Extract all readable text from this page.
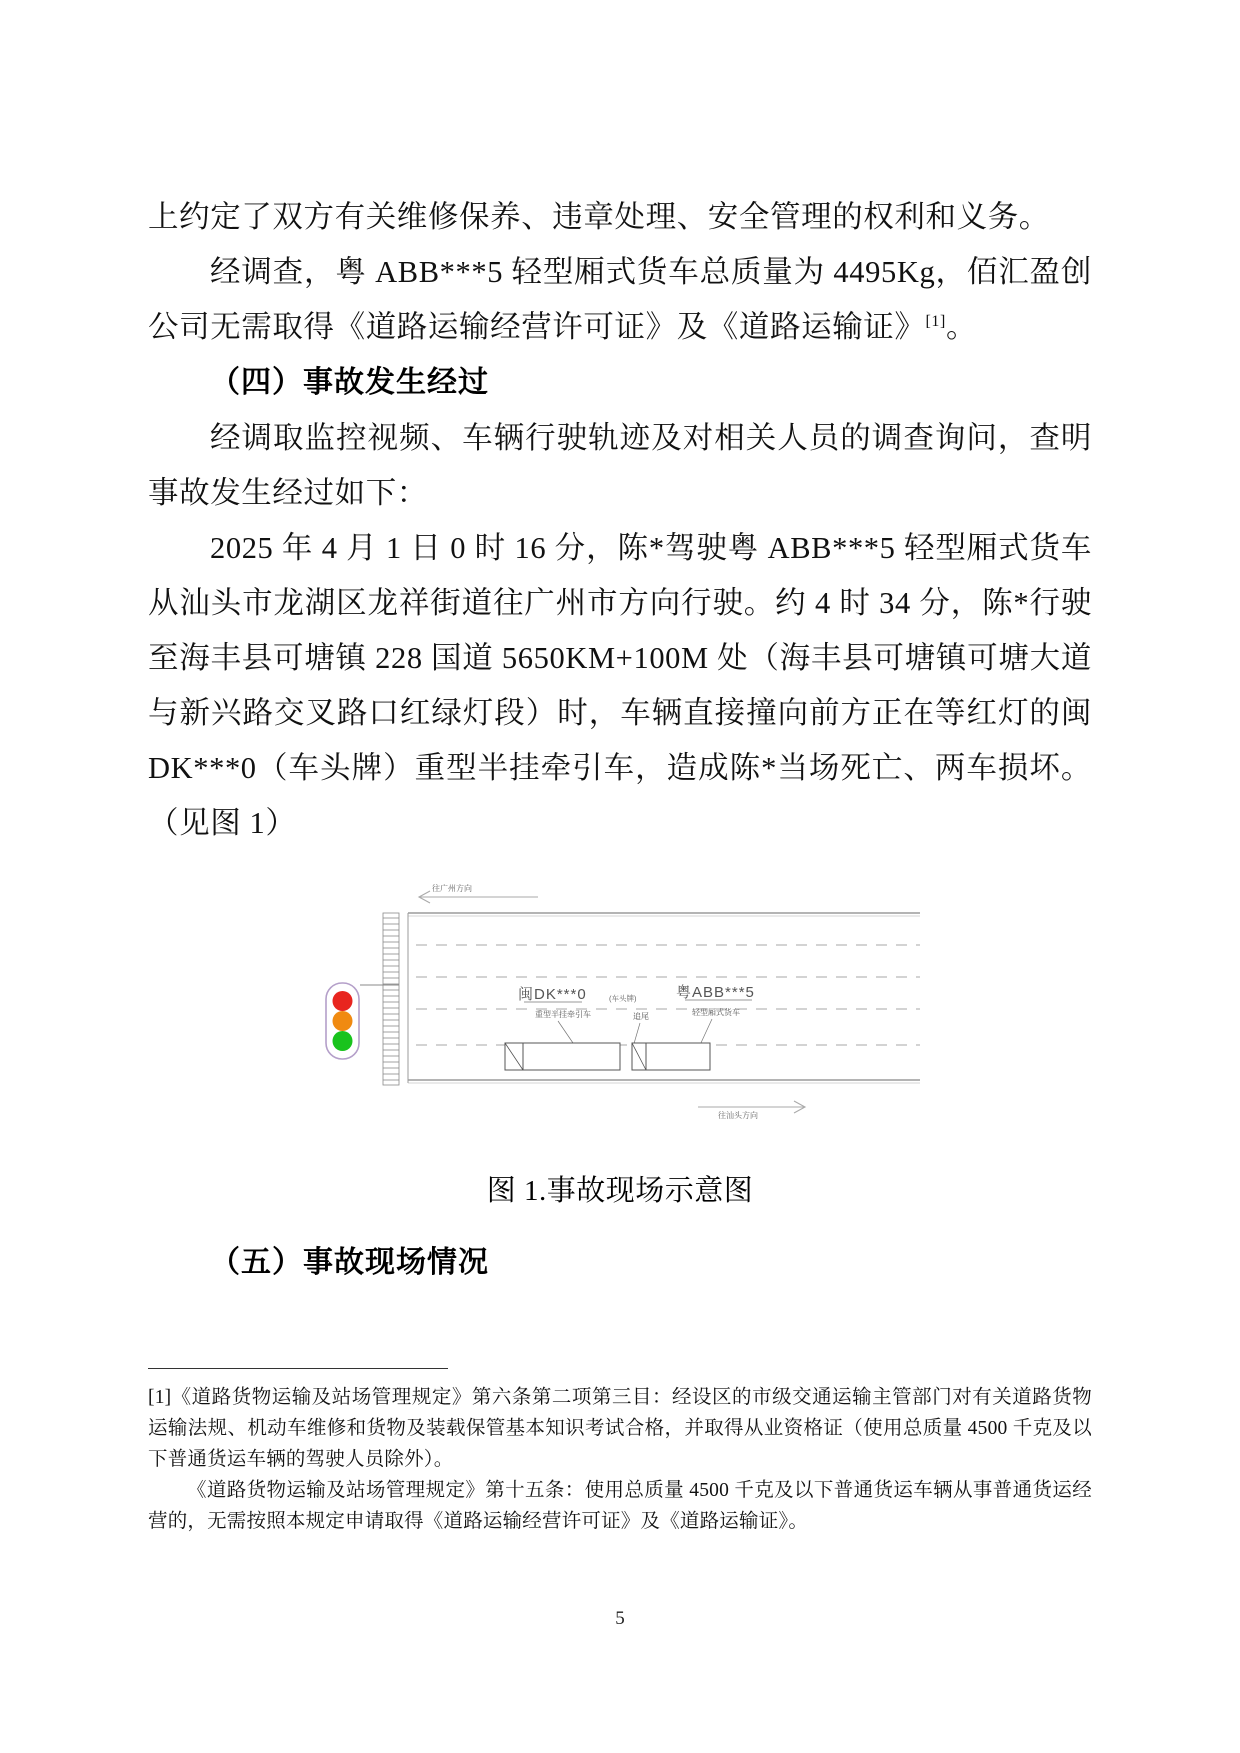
上约定了双方有关维修保养、违章处理、安全管理的权利和义务。

经调查，粤 ABB***5 轻型厢式货车总质量为 4495Kg，佰汇盈创公司无需取得《道路运输经营许可证》及《道路运输证》[1]。

（四）事故发生经过

经调取监控视频、车辆行驶轨迹及对相关人员的调查询问，查明事故发生经过如下：

2025 年 4 月 1 日 0 时 16 分，陈*驾驶粤 ABB***5 轻型厢式货车从汕头市龙湖区龙祥街道往广州市方向行驶。约 4 时 34 分，陈*行驶至海丰县可塘镇 228 国道 5650KM+100M 处（海丰县可塘镇可塘大道与新兴路交叉路口红绿灯段）时，车辆直接撞向前方正在等红灯的闽 DK***0（车头牌）重型半挂牵引车，造成陈*当场死亡、两车损坏。（见图 1）

往广州方向
闽DK***0	(车头牌)
重型半挂牵引车	追尾
粤ABB***5
轻型厢式货车
往汕头方向
图 1.事故现场示意图

（五）事故现场情况

[1]《道路货物运输及站场管理规定》第六条第二项第三目：经设区的市级交通运输主管部门对有关道路货物运输法规、机动车维修和货物及装载保管基本知识考试合格，并取得从业资格证（使用总质量 4500 千克及以下普通货运车辆的驾驶人员除外）。

《道路货物运输及站场管理规定》第十五条：使用总质量 4500 千克及以下普通货运车辆从事普通货运经营的，无需按照本规定申请取得《道路运输经营许可证》及《道路运输证》。

5
